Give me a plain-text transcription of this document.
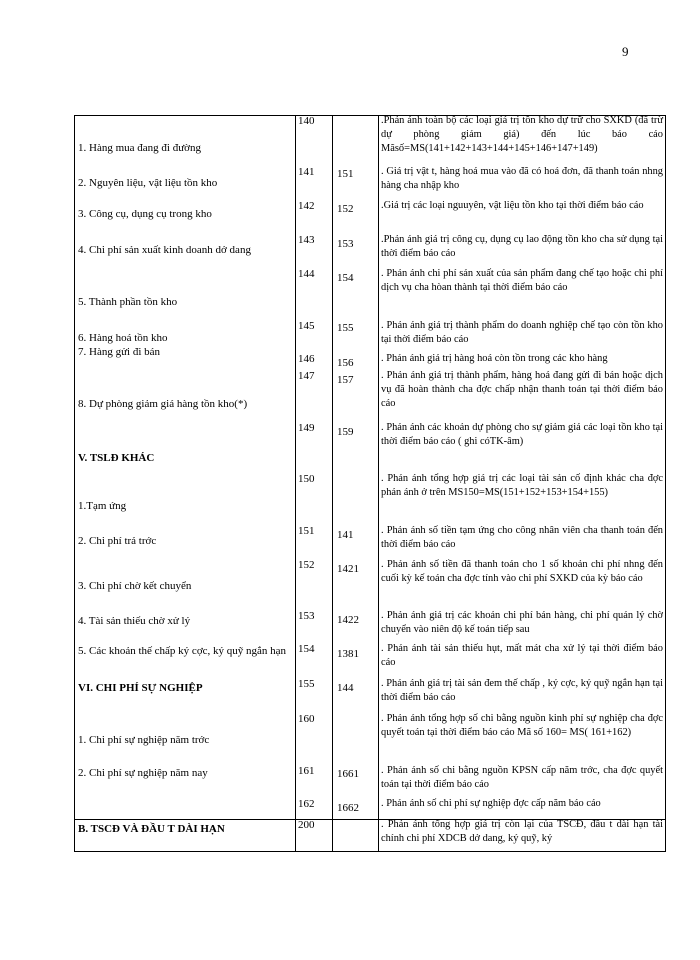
9
1. Hàng mua đang đi đường
2. Nguyên liệu, vật liệu tồn kho
3. Công cụ, dụng cụ trong kho
4. Chi phí sản xuất kinh doanh dở dang
5. Thành phần tồn kho
6. Hàng hoá tồn kho
7. Hàng gửi đi bán
8. Dự phòng giảm giá hàng tồn kho(*)
V. TSLĐ KHÁC
1.Tạm ứng
2. Chi phí trả trớc
3. Chi phí chờ kết chuyển
4. Tài sản thiếu chờ xử lý
5. Các khoản thế chấp ký cợc, ký quỹ ngắn hạn
VI. CHI PHÍ SỰ NGHIỆP
1. Chi phí sự nghiệp năm trớc
2. Chi phí sự nghiệp năm nay
B. TSCĐ VÀ ĐẦU T DÀI HẠN
140
141
142
143
144
145
146
147
149
150
151
152
153
154
155
160
161
162
200
151
152
153
154
155
156
157
159
141
1421
1422
1381
144
1661
1662
.Phản ánh toàn bộ các loại giá trị tồn kho dự trữ cho SXKD (đã trừ dự phòng giảm giá) đến lúc báo cáo Mãsố=MS(141+142+143+144+145+146+147+149)
. Giá trị vật t, hàng hoá mua vào đã có hoá đơn, đã thanh toán nhng hàng cha nhập kho
.Giá trị các loại nguuyên, vật liệu tồn kho tại thời điểm báo cáo
.Phản ánh giá trị công cụ, dụng cụ lao động tồn kho cha sử dụng tại thời điểm báo cáo
. Phản ánh chi phí sản xuất của sản phẩm đang chế tạo hoặc chi phí dịch vụ cha hòan thành tại thời điểm báo cáo
. Phản ánh giá trị thành phẩm do doanh nghiệp chế tạo còn tồn kho tại thời điểm báo cáo
. Phản ánh giá trị hàng hoá còn tồn trong các kho hàng
. Phản ánh giá trị thành phẩm, hàng hoá đang gửi đi bán hoặc dịch vụ đã hoàn thành cha đợc chấp nhận thanh toán tại thời điểm báo cáo
. Phản ánh các khoản dự phòng cho sự giảm giá các loại tồn kho tại thời điểm báo cáo ( ghi cóTK-âm)
. Phản ánh tổng hợp giá trị các loại tài sản cố định khác cha đợc phản ánh ở trên MS150=MS(151+152+153+154+155)
. Phản ánh số tiền tạm ứng cho công nhân viên cha thanh toán đến thời điểm báo cáo
. Phản ánh số tiền đã thanh toán cho 1 số khoản chi phí nhng đến cuối kỳ kế toán cha đợc tính vào chi phí SXKD của kỳ báo cáo
. Phản ánh giá trị các khoản chi phí bán hàng, chi phí quản lý chờ chuyển vào niên độ kế toán tiếp sau
. Phản ánh tài sản thiếu hụt, mất mát cha xử lý tại thời điểm báo cáo
. Phản ánh giá trị tài sản đem thế chấp , ký cợc, ký quỹ ngắn hạn tại thời điểm báo cáo
. Phản ánh tổng hợp số chi bằng nguồn kinh phí sự nghiệp cha đợc quyết toán tại thời điểm báo cáo Mã số 160= MS( 161+162)
. Phản ánh số chi bằng nguồn KPSN cấp năm trớc, cha đợc quyết toán tại thời điểm báo cáo
. Phản ánh số chi phí sự nghiệp đợc cấp năm báo cáo
. Phản ánh tổng hợp giá trị còn lại của TSCĐ, đầu t dài hạn tài chính chi phí XDCB dở dang, ký quỹ, ký
